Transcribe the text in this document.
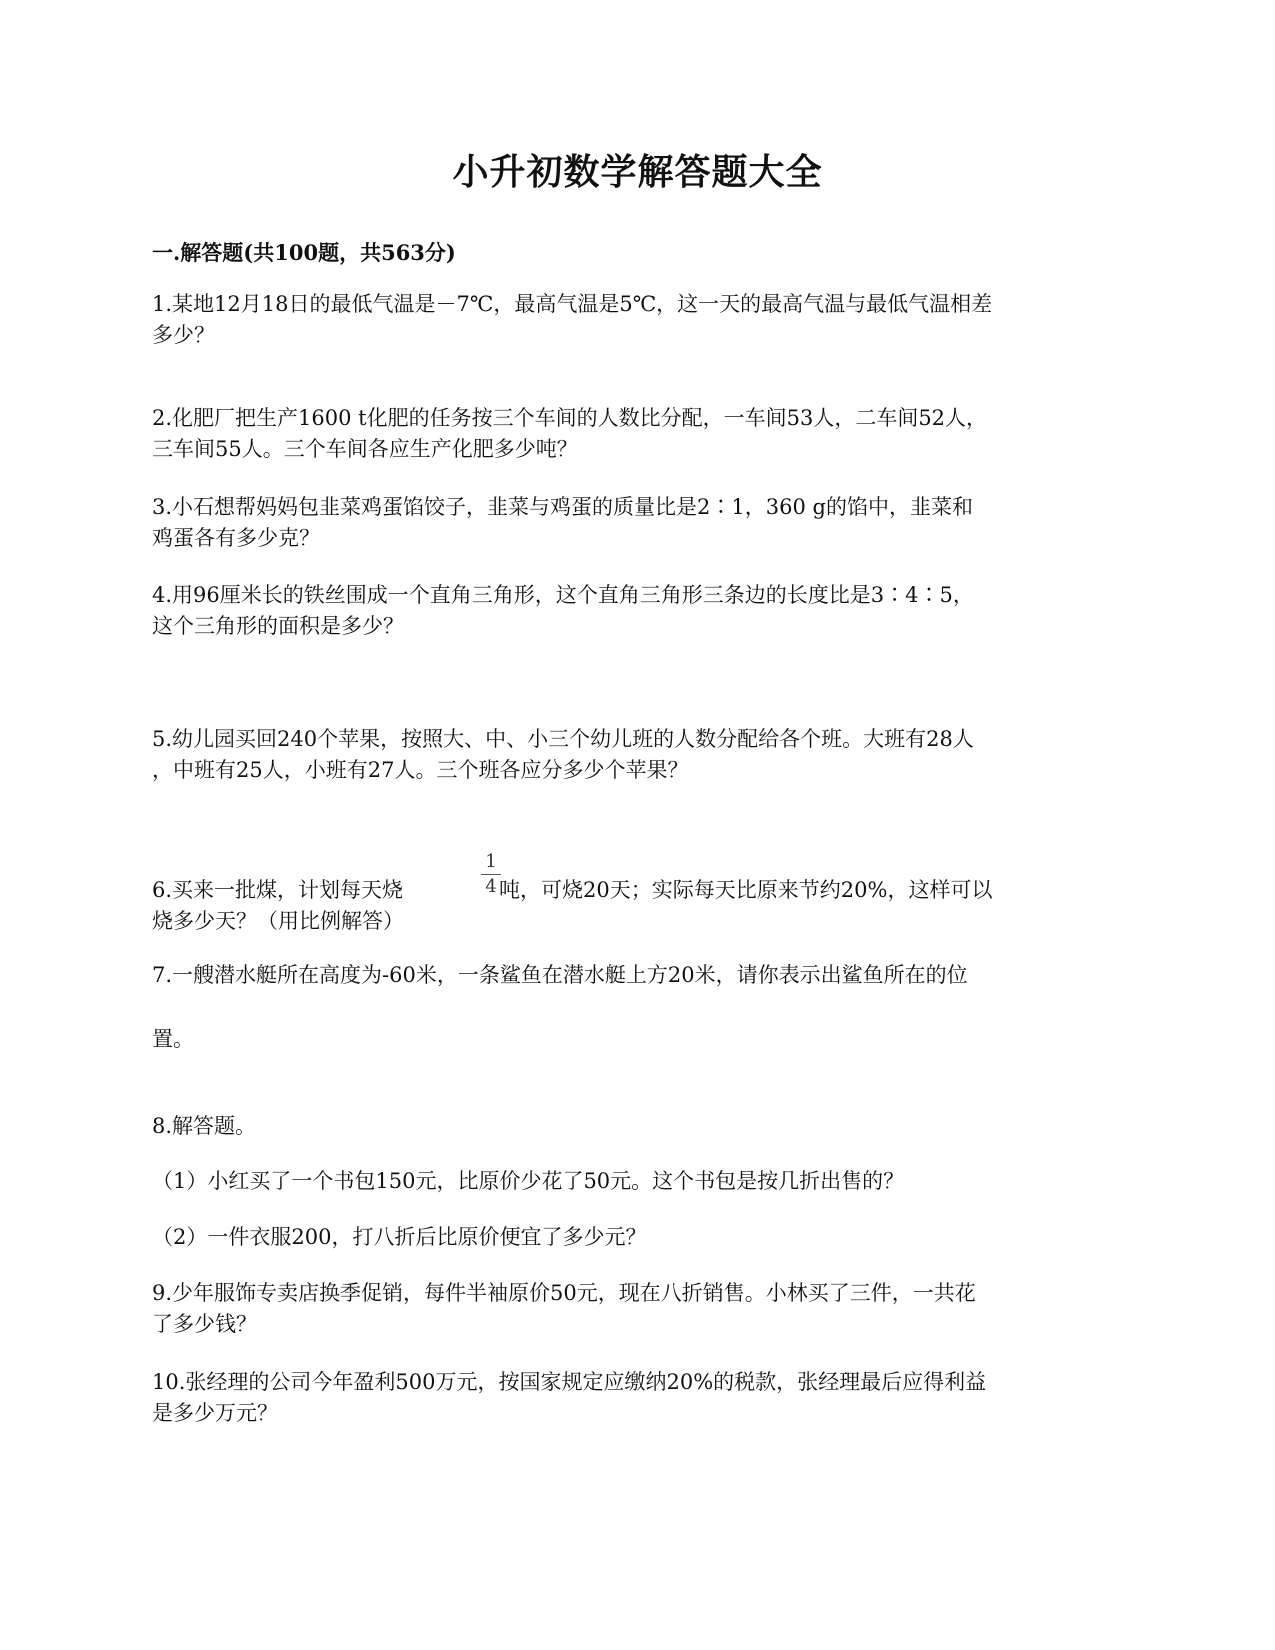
小升初数学解答题大全
一.解答题(共100题，共563分)
1.某地12月18日的最低气温是－7℃，最高气温是5℃，这一天的最高气温与最低气温相差
多少？
2.化肥厂把生产1600 t化肥的任务按三个车间的人数比分配，一车间53人，二车间52人，
三车间55人。三个车间各应生产化肥多少吨？
3.小石想帮妈妈包韭菜鸡蛋馅饺子，韭菜与鸡蛋的质量比是2∶1，360 g的馅中，韭菜和
鸡蛋各有多少克？
4.用96厘米长的铁丝围成一个直角三角形，这个直角三角形三条边的长度比是3∶4∶5，
这个三角形的面积是多少？
5.幼儿园买回240个苹果，按照大、中、小三个幼儿班的人数分配给各个班。大班有28人
，中班有25人，小班有27人。三个班各应分多少个苹果？
1
4
6.买来一批煤，计划每天烧	吨，可烧20天；实际每天比原来节约20%，这样可以
烧多少天？（用比例解答）
7.一艘潜水艇所在高度为-60米，一条鲨鱼在潜水艇上方20米，请你表示出鲨鱼所在的位
置。
8.解答题。
（1）小红买了一个书包150元，比原价少花了50元。这个书包是按几折出售的？
（2）一件衣服200，打八折后比原价便宜了多少元？
9.少年服饰专卖店换季促销，每件半袖原价50元，现在八折销售。小林买了三件，一共花
了多少钱？
10.张经理的公司今年盈利500万元，按国家规定应缴纳20%的税款，张经理最后应得利益
是多少万元？
